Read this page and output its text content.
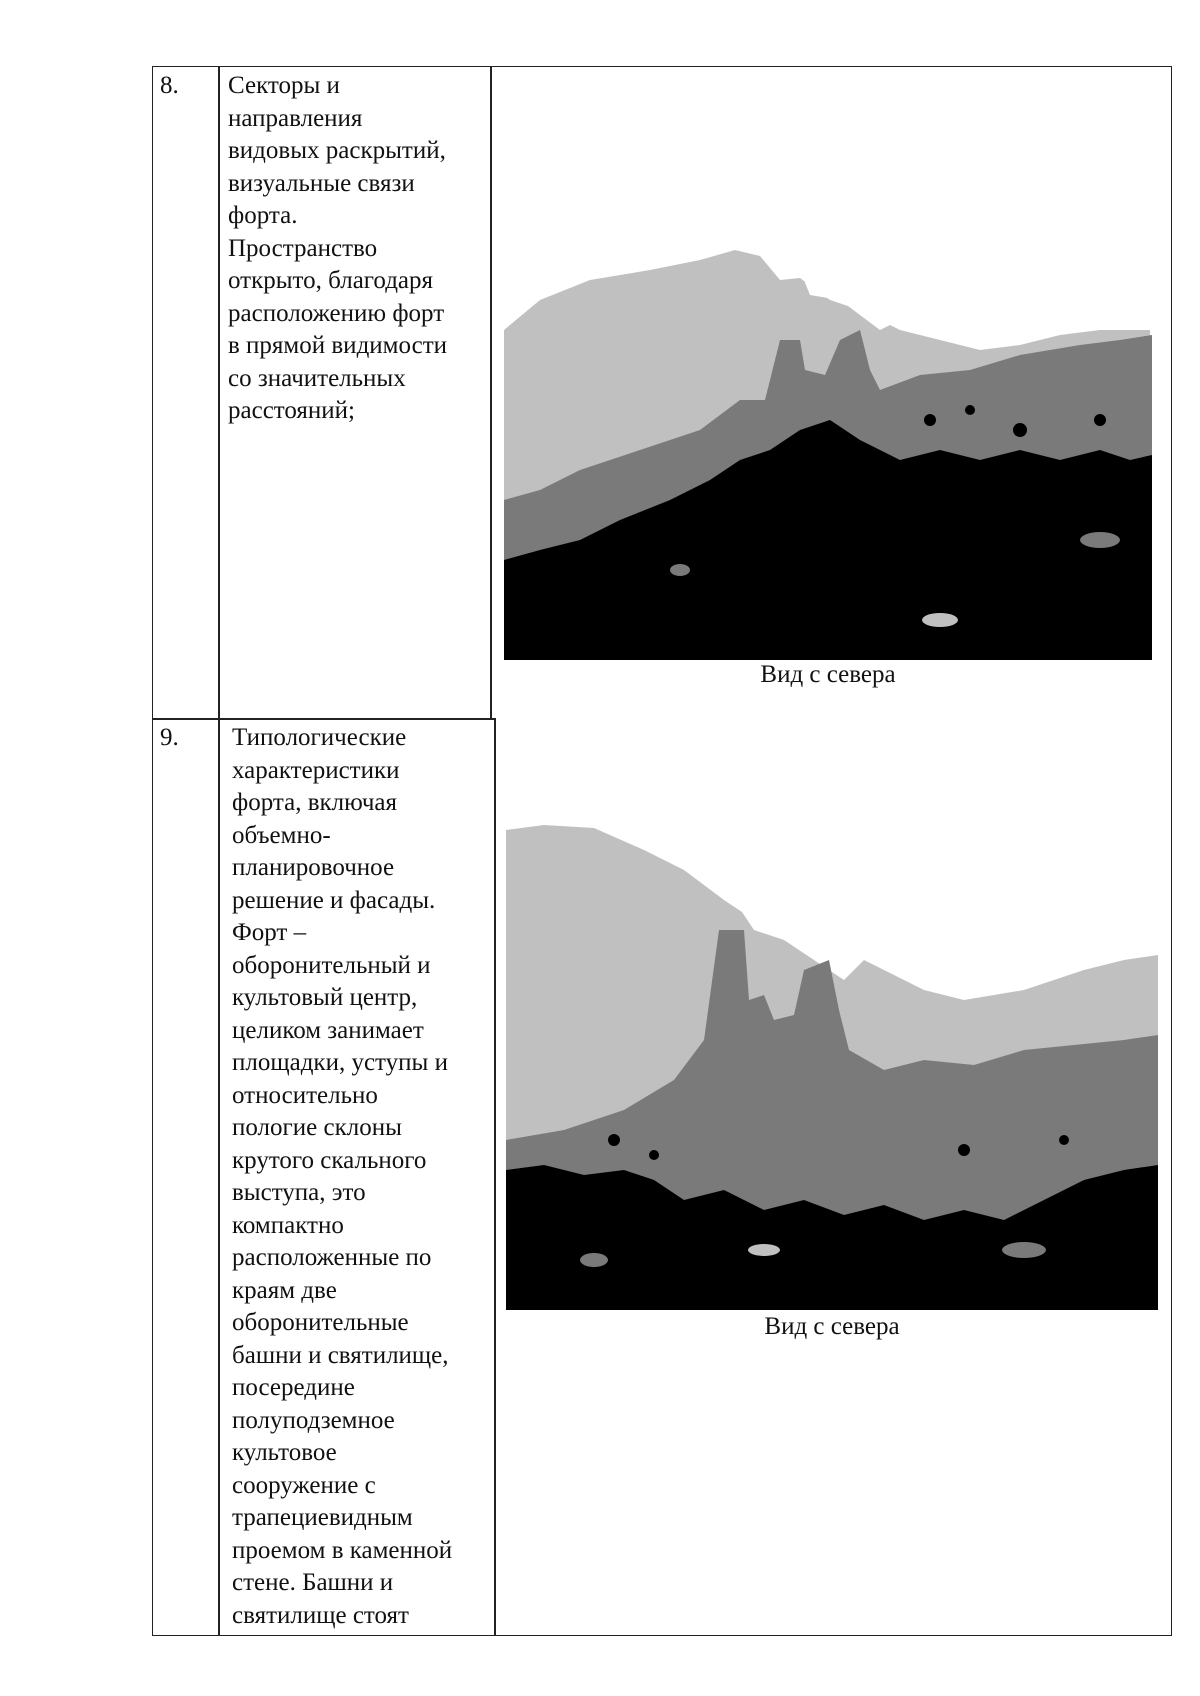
8. Секторы и
направления
видовых раскрытий,
визуальные связи
форта.
Пространство
открыто, благодаря
расположению форт
в прямой видимости
со значительных
расстояний;
Вид с севера
9. Типологические
характеристики
форта, включая
объемно-
планировочное
решение и фасады.
Форт –
оборонительный и
культовый центр,
целиком занимает
площадки, уступы и
относительно
пологие склоны
крутого скального
выступа, это
компактно
расположенные по
краям две
оборонительные
башни и святилище,
посередине
полуподземное
культовое
сооружение с
трапециевидным
проемом в каменной
стене. Башни и
святилище стоят
Вид с севера
